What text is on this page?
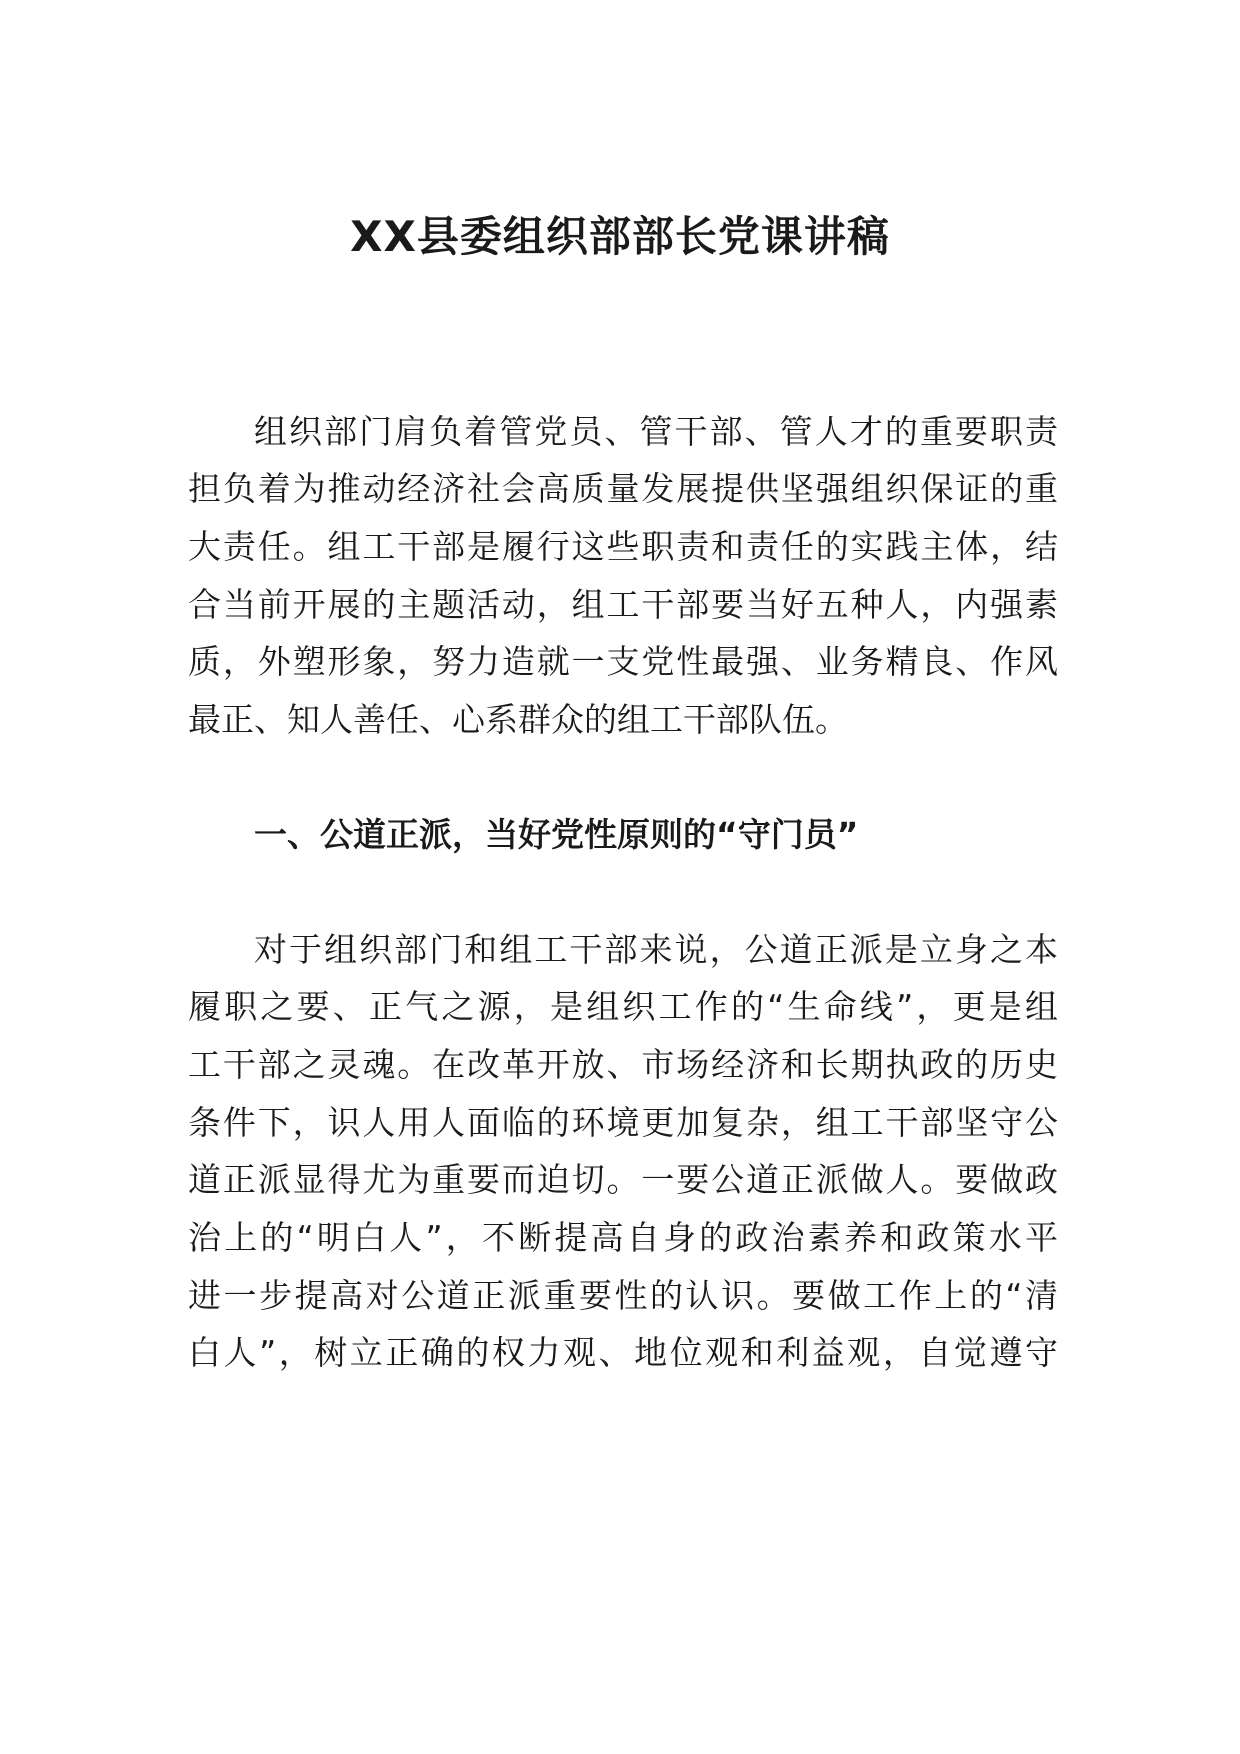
XX县委组织部部长党课讲稿

组织部门肩负着管党员、管干部、管人才的重要职责

担负着为推动经济社会高质量发展提供坚强组织保证的重

大责任。组工干部是履行这些职责和责任的实践主体，结

合当前开展的主题活动，组工干部要当好五种人，内强素

质，外塑形象，努力造就一支党性最强、业务精良、作风

最正、知人善任、心系群众的组工干部队伍。

一、公道正派，当好党性原则的“守门员”

对于组织部门和组工干部来说，公道正派是立身之本

履职之要、正气之源，是组织工作的“生命线”，更是组

工干部之灵魂。在改革开放、市场经济和长期执政的历史

条件下，识人用人面临的环境更加复杂，组工干部坚守公

道正派显得尤为重要而迫切。一要公道正派做人。要做政

治上的“明白人”，不断提高自身的政治素养和政策水平

进一步提高对公道正派重要性的认识。要做工作上的“清

白人”，树立正确的权力观、地位观和利益观，自觉遵守
